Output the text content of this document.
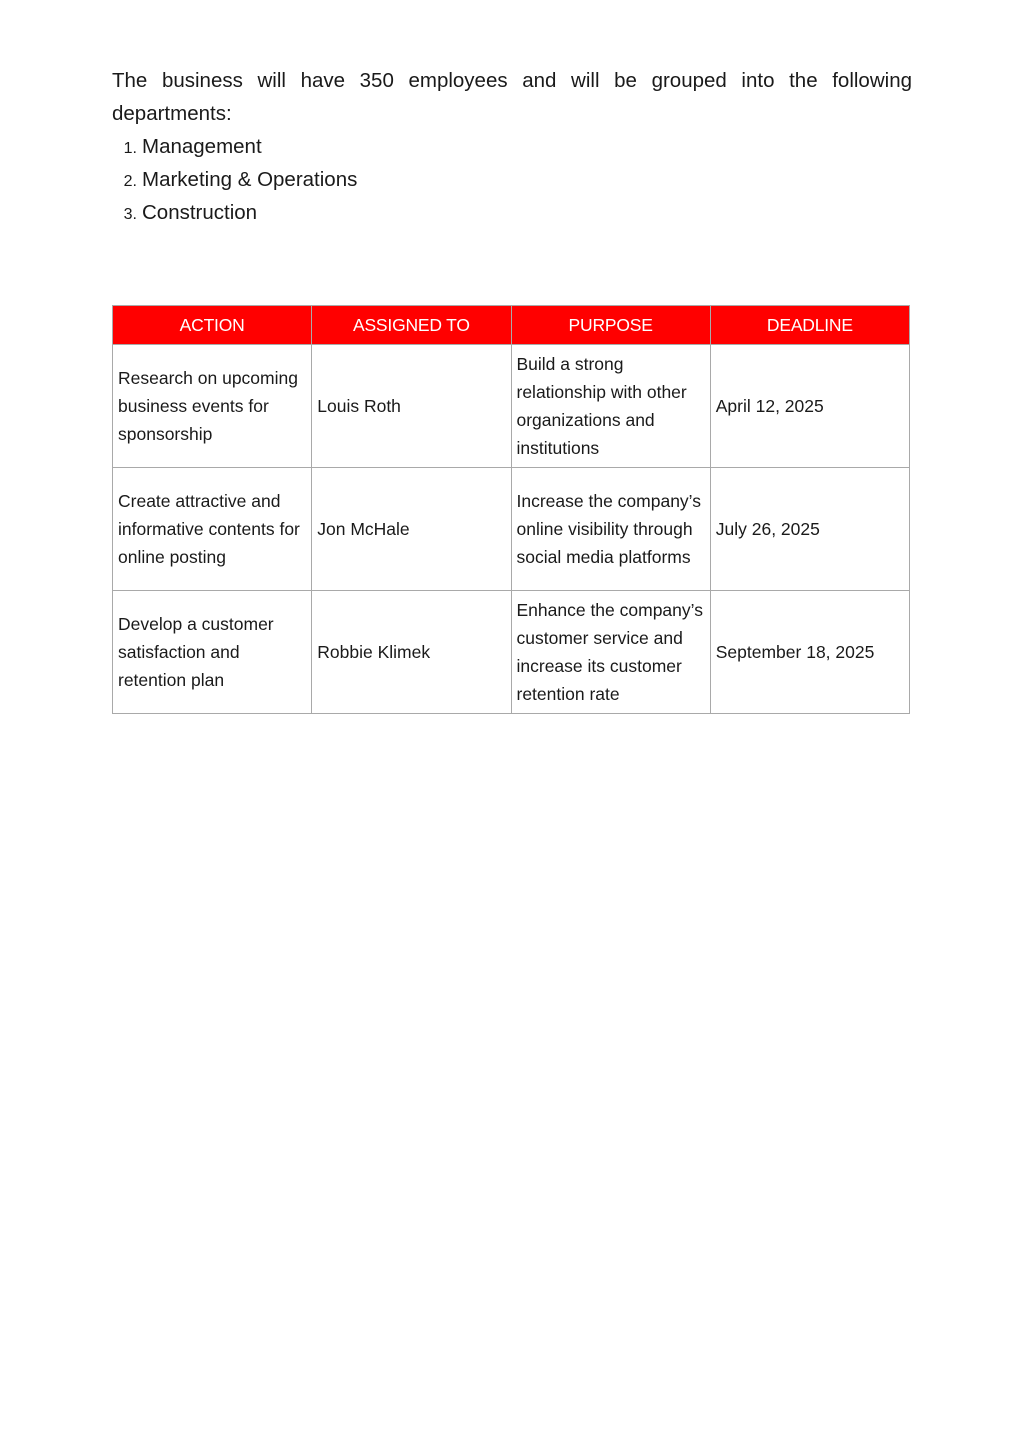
The business will have 350 employees and will be grouped into the following departments:

1. Management
2. Marketing & Operations
3. Construction
ACTION	ASSIGNED TO	PURPOSE	DEADLINE
Research on upcoming business events for sponsorship	Louis Roth	Build a strong relationship with other organizations and institutions	April 12, 2025
Create attractive and informative contents for online posting	Jon McHale	Increase the company’s online visibility through social media platforms	July 26, 2025
Develop a customer satisfaction and retention plan	Robbie Klimek	Enhance the company’s customer service and increase its customer retention rate	September 18, 2025
